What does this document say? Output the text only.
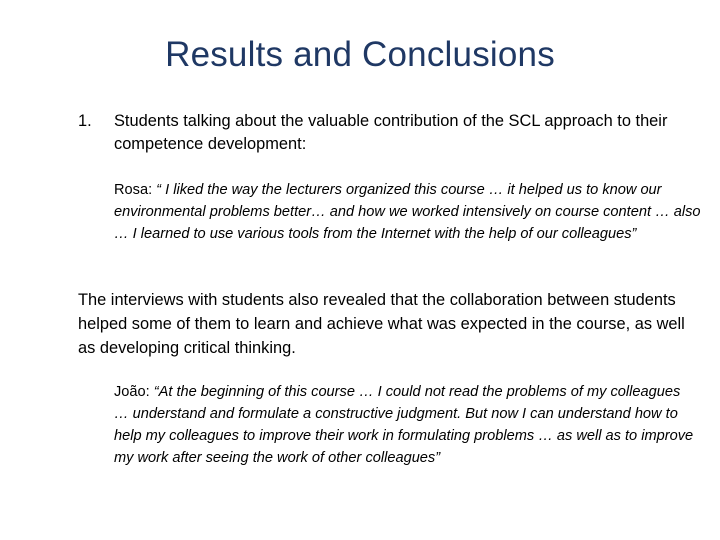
Results and Conclusions
1. Students talking about the valuable contribution of the SCL approach to their competence development:
Rosa: “ I liked the way the lecturers organized this course … it helped us to know our environmental problems better… and how we worked intensively on course content … also … I learned to use various tools from the Internet with the help of our colleagues”
The interviews with students also revealed that the collaboration between students helped some of them to learn and achieve what was expected in the course, as well as developing critical thinking.
João: “At the beginning of this course … I could not read the problems of my colleagues … understand and formulate a constructive judgment. But now I can understand how to help my colleagues to improve their work in formulating problems … as well as to improve my work after seeing the work of other colleagues”
